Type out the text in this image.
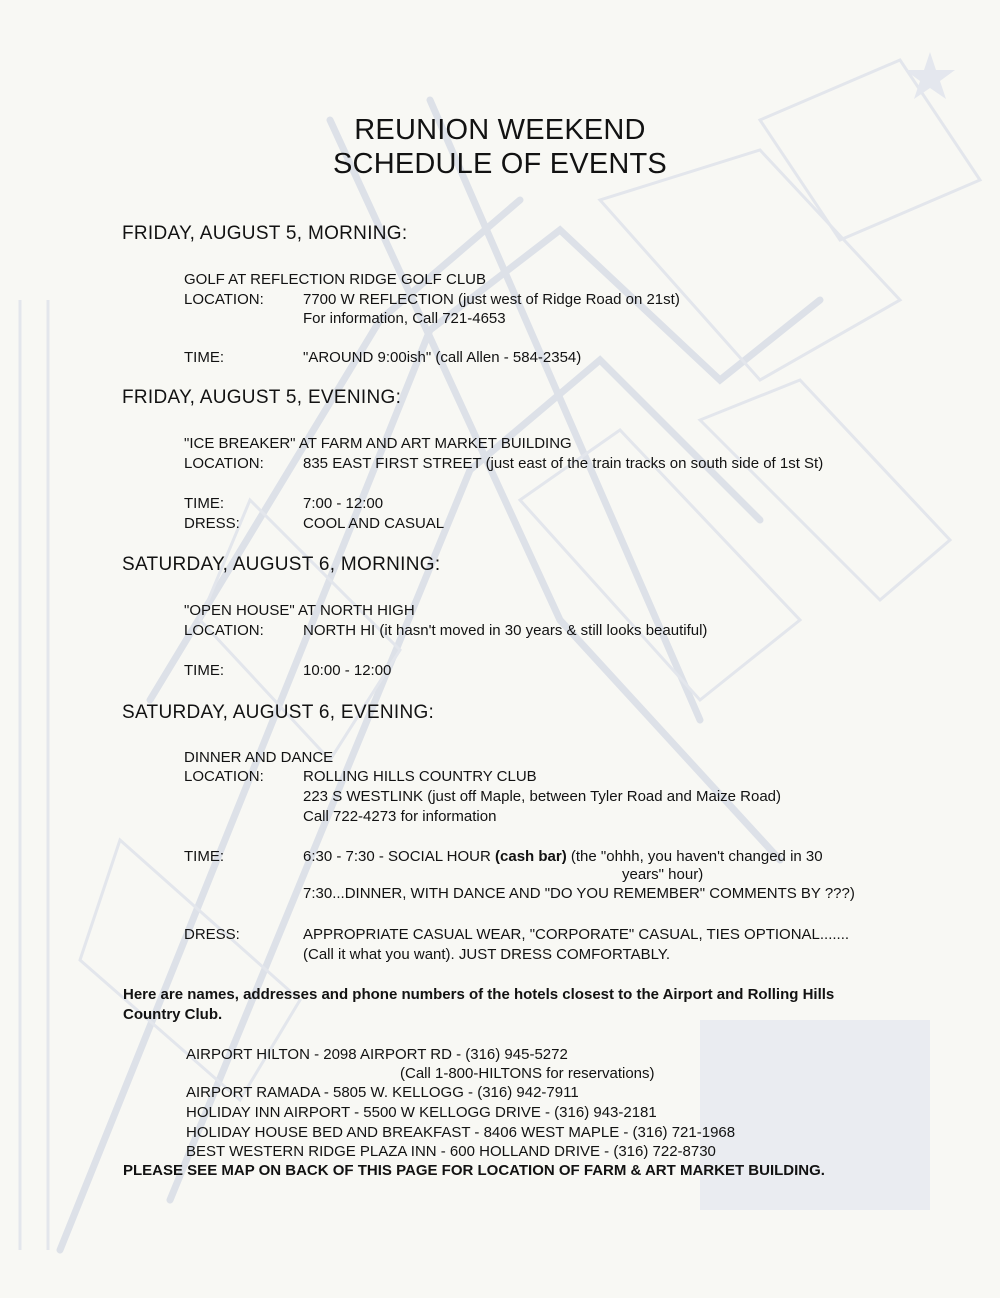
REUNION WEEKEND
SCHEDULE OF EVENTS
FRIDAY, AUGUST 5, MORNING:
GOLF AT REFLECTION RIDGE GOLF CLUB
LOCATION:	7700 W REFLECTION (just west of Ridge Road on 21st)
For information, Call 721-4653
TIME:	"AROUND 9:00ish" (call Allen - 584-2354)
FRIDAY, AUGUST 5, EVENING:
"ICE BREAKER" AT FARM AND ART MARKET BUILDING
LOCATION:	835 EAST FIRST STREET (just east of the train tracks on south side of 1st St)
TIME:	7:00 - 12:00
DRESS:	COOL AND CASUAL
SATURDAY, AUGUST 6, MORNING:
"OPEN HOUSE" AT NORTH HIGH
LOCATION:	NORTH HI (it hasn't moved in 30 years & still looks beautiful)
TIME:	10:00 - 12:00
SATURDAY, AUGUST 6, EVENING:
DINNER AND DANCE
LOCATION:	ROLLING HILLS COUNTRY CLUB
223 S WESTLINK (just off Maple, between Tyler Road and Maize Road)
Call 722-4273 for information
TIME:	6:30 - 7:30 - SOCIAL HOUR (cash bar) (the "ohhh, you haven't changed in 30
years" hour)
7:30...DINNER, WITH DANCE AND "DO YOU REMEMBER" COMMENTS BY ???)
DRESS:	APPROPRIATE CASUAL WEAR, "CORPORATE" CASUAL, TIES OPTIONAL.......
(Call it what you want). JUST DRESS COMFORTABLY.
Here are names, addresses and phone numbers of the hotels closest to the Airport and Rolling Hills
Country Club.
AIRPORT HILTON - 2098 AIRPORT RD - (316) 945-5272
(Call 1-800-HILTONS for reservations)
AIRPORT RAMADA - 5805 W. KELLOGG - (316) 942-7911
HOLIDAY INN AIRPORT - 5500 W KELLOGG DRIVE - (316) 943-2181
HOLIDAY HOUSE BED AND BREAKFAST - 8406 WEST MAPLE - (316) 721-1968
BEST WESTERN RIDGE PLAZA INN - 600 HOLLAND DRIVE - (316) 722-8730
PLEASE SEE MAP ON BACK OF THIS PAGE FOR LOCATION OF FARM & ART MARKET BUILDING.
